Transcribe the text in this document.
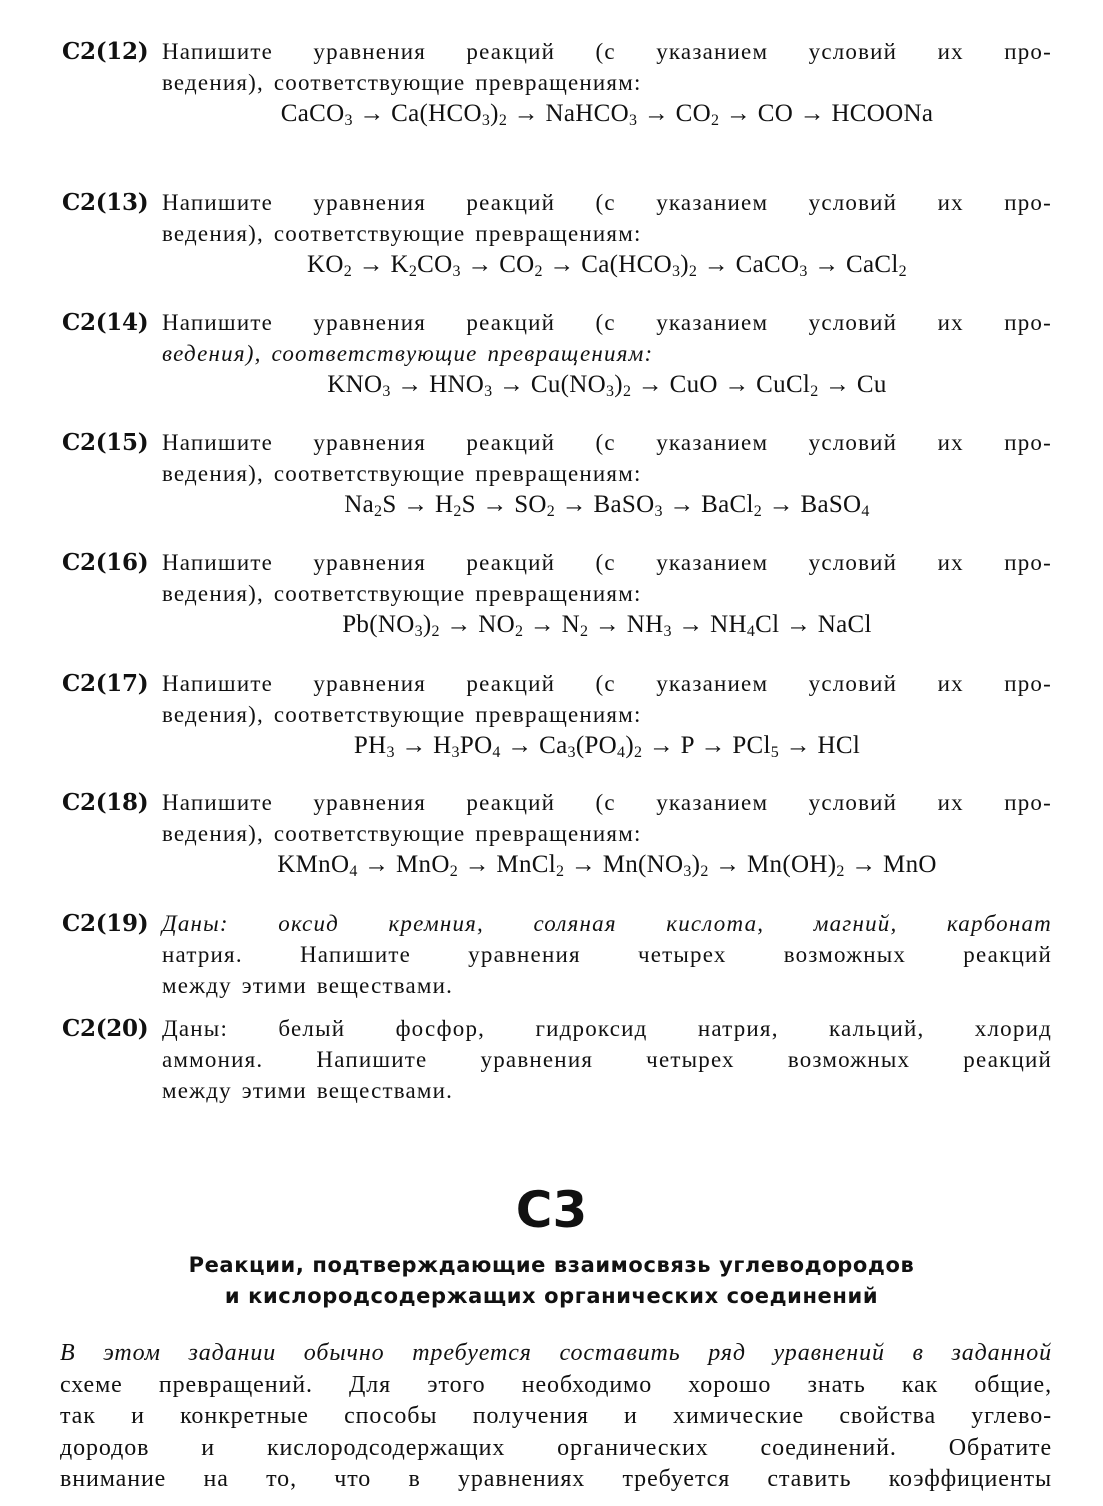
С2(12) Напишите уравнения реакций (с указанием условий их про-
ведения), соответствующие превращениям:
CaCO$_3$ → $Ca(HCO_3)_2$ → NaHCO$_3$ → $CO_2$ → CO → HCOONa
С2(13) Напишите уравнения реакций (с указанием условий их про-
ведения), соответствующие превращениям:
$KO_2 \to K_2CO_3 \to CO_2 \to Ca(HCO_3)_2$ → CaCO$_3$ → CaCl$_2$
С2(14) Напишите уравнения реакций (с указанием условий их про-
ведения), соответствующие превращениям:
$KNO_3 \to HNO_3 \to Cu(NO_3)_2$ → CuO → CuCl$_2$ → Cu
С2(15) Напишите уравнения реакций (с указанием условий их про-
ведения), соответствующие превращениям:
$Na_2S \to H_2S \to SO_2$ → BaSO$_3$ → BaCl$_2$ → BaSO$_4$
С2(16) Напишите уравнения реакций (с указанием условий их про-
ведения), соответствующие превращениям:
$Pb(NO_3)_2 \to NO_2 \to N_2 \to NH_3 \to NH_4Cl$ → NaCl
С2(17) Напишите уравнения реакций (с указанием условий их про-
ведения), соответствующие превращениям:
$PH_3 \to H_3PO_4 \to Ca_3(PO_4)_2 \to P \to PCl_5$ → HCl
С2(18) Напишите уравнения реакций (с указанием условий их про-
ведения), соответствующие превращениям:
KMnO$_4$ → MnO$_2$ → MnCl$_2$ → $Mn(NO_3)_2 \to Mn(OH)_2$ → MnO
С2(19) Даны: оксид кремния, соляная кислота, магний, карбонат
натрия. Напишите уравнения четырех возможных реакций
между этими веществами.
С2(20) Даны: белый фосфор, гидроксид натрия, кальций, хлорид
аммония. Напишите уравнения четырех возможных реакций
между этими веществами.
С3
Реакции, подтверждающие взаимосвязь углеводородов
и кислородсодержащих органических соединений
В этом задании обычно требуется составить ряд уравнений в заданной
схеме превращений. Для этого необходимо хорошо знать как общие,
так и конкретные способы получения и химические свойства углево-
дородов и кислородсодержащих органических соединений. Обратите
внимание на то, что в уравнениях требуется ставить коэффициенты
